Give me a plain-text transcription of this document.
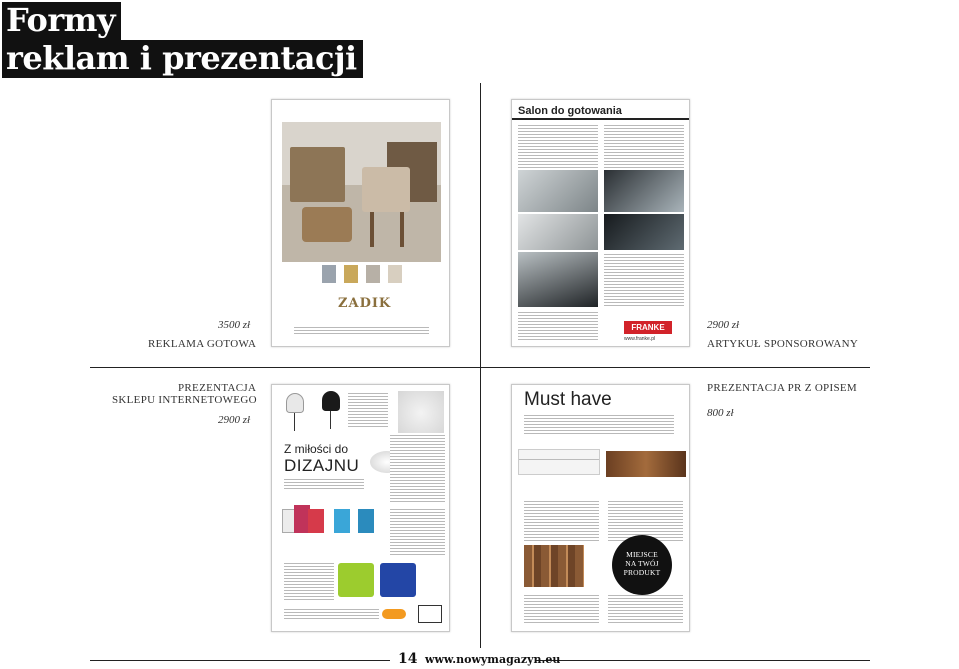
Formy
reklam i prezentacji
3500 zł
REKLAMA GOTOWA
2900 zł
ARTYKUŁ SPONSOROWANY
PREZENTACJA
SKLEPU INTERNETOWEGO
2900 zł
PREZENTACJA PR Z OPISEM
800 zł
ZADIK
Salon do gotowania
FRANKE
www.franke.pl
Z miłości do
DIZAJNU
Must have
MIEJSCE
NA TWÓJ
PRODUKT
14 www.nowymagazyn.eu
